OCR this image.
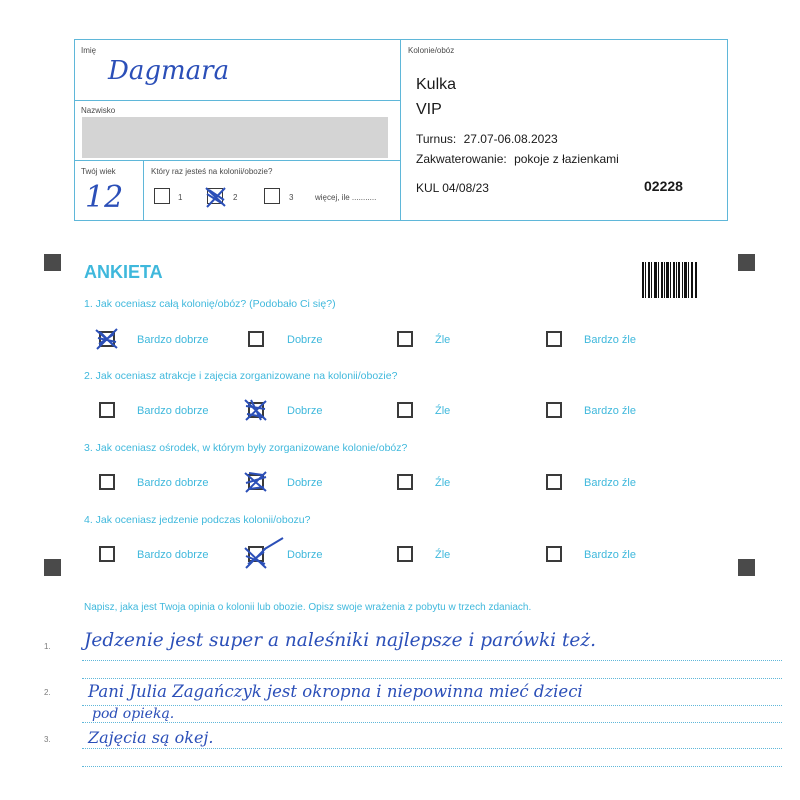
Imię
Dagmara
Nazwisko
Twój wiek
12
Który raz jesteś na kolonii/obozie?
1	2	3	więcej, ile ...........
Kolonie/obóz
Kulka
VIP
Turnus: 27.07-06.08.2023
Zakwaterowanie: pokoje z łazienkami
KUL 04/08/23	02228
ANKIETA
1. Jak oceniasz całą kolonię/obóz? (Podobało Ci się?)
Bardzo dobrze	Dobrze	Źle	Bardzo źle
2. Jak oceniasz atrakcje i zajęcia zorganizowane na kolonii/obozie?
Bardzo dobrze	Dobrze	Źle	Bardzo źle
3. Jak oceniasz ośrodek, w którym były zorganizowane kolonie/obóz?
Bardzo dobrze	Dobrze	Źle	Bardzo źle
4. Jak oceniasz jedzenie podczas kolonii/obozu?
Bardzo dobrze	Dobrze	Źle	Bardzo źle
Napisz, jaka jest Twoja opinia o kolonii lub obozie. Opisz swoje wrażenia z pobytu w trzech zdaniach.
1.
2.
3.
Jedzenie jest super a naleśniki najlepsze i parówki też.
Pani Julia Zagańczyk jest okropna i niepowinna mieć dzieci
pod opieką.
Zajęcia są okej.
